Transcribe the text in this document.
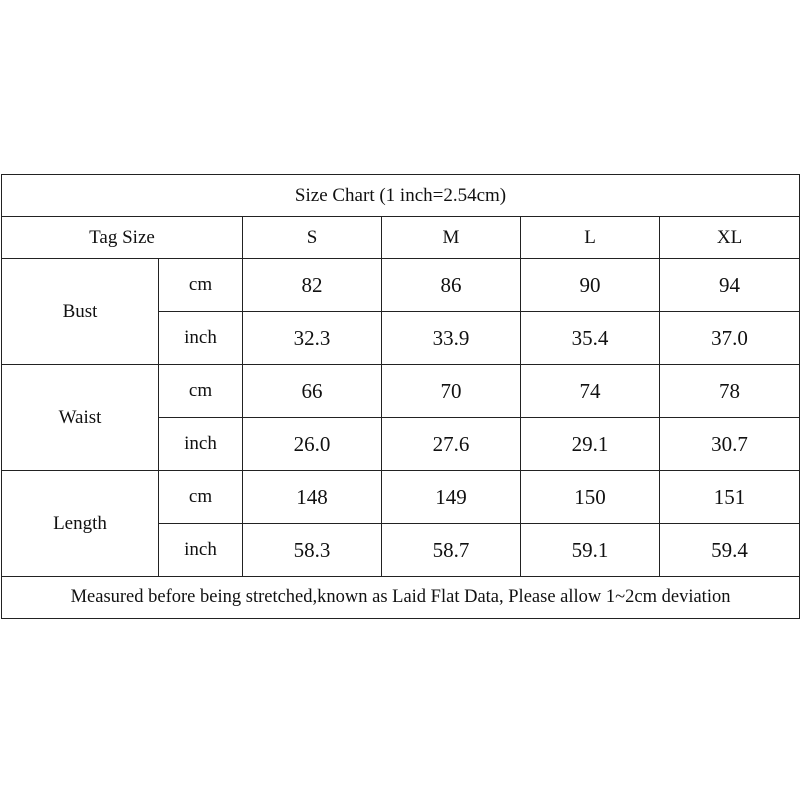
Size Chart (1 inch=2.54cm)					
Tag Size		S	M	L	XL
Bust	cm	82	86	90	94
	inch	32.3	33.9	35.4	37.0
Waist	cm	66	70	74	78
	inch	26.0	27.6	29.1	30.7
Length	cm	148	149	150	151
	inch	58.3	58.7	59.1	59.4
Measured before being stretched,known as Laid Flat Data, Please allow 1~2cm deviation					
